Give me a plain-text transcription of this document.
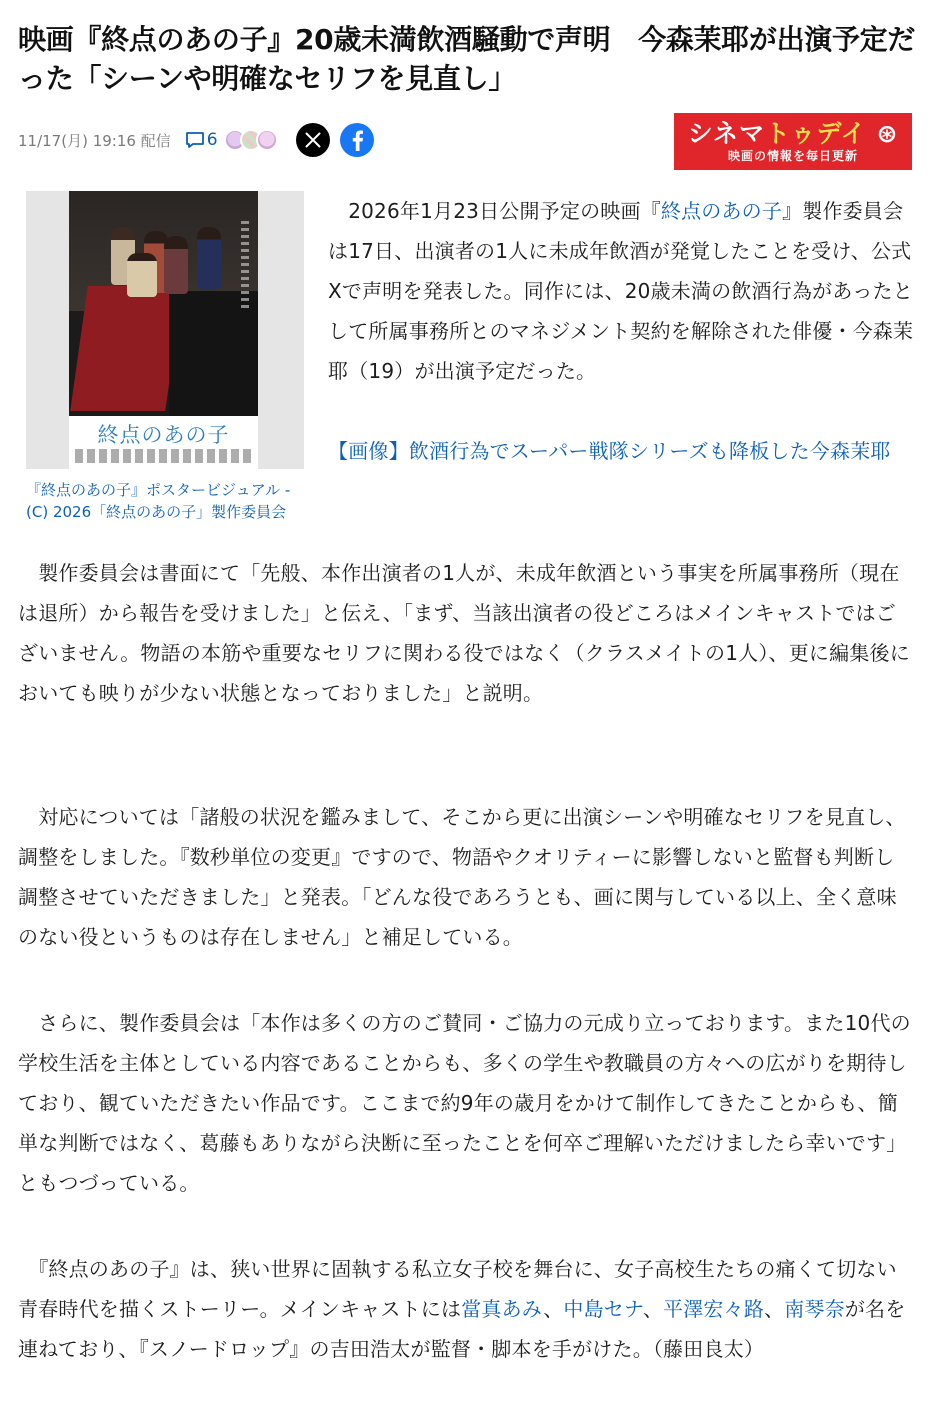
映画『終点のあの子』20歳未満飲酒騒動で声明　今森茉耶が出演予定だった「シーンや明確なセリフを見直し」
11/17(月) 19:16 配信 6	シネマトゥデイ ⊛
映画の情報を毎日更新
終点のあの子

『終点のあの子』ポスタービジュアル - (C) 2026「終点のあの子」製作委員会

　2026年1月23日公開予定の映画『終点のあの子』製作委員会は17日、出演者の1人に未成年飲酒が発覚したことを受け、公式Xで声明を発表した。同作には、20歳未満の飲酒行為があったとして所属事務所とのマネジメント契約を解除された俳優・今森茉耶（19）が出演予定だった。

【画像】飲酒行為でスーパー戦隊シリーズも降板した今森茉耶

　製作委員会は書面にて「先般、本作出演者の1人が、未成年飲酒という事実を所属事務所（現在は退所）から報告を受けました」と伝え、「まず、当該出演者の役どころはメインキャストではございません。物語の本筋や重要なセリフに関わる役ではなく（クラスメイトの1人）、更に編集後においても映りが少ない状態となっておりました」と説明。

　対応については「諸般の状況を鑑みまして、そこから更に出演シーンや明確なセリフを見直し、調整をしました。『数秒単位の変更』ですので、物語やクオリティーに影響しないと監督も判断し調整させていただきました」と発表。「どんな役であろうとも、画に関与している以上、全く意味のない役というものは存在しません」と補足している。

　さらに、製作委員会は「本作は多くの方のご賛同・ご協力の元成り立っております。また10代の学校生活を主体としている内容であることからも、多くの学生や教職員の方々への広がりを期待しており、観ていただきたい作品です。ここまで約9年の歳月をかけて制作してきたことからも、簡単な判断ではなく、葛藤もありながら決断に至ったことを何卒ご理解いただけましたら幸いです」ともつづっている。

　『終点のあの子』は、狭い世界に固執する私立女子校を舞台に、女子高校生たちの痛くて切ない青春時代を描くストーリー。メインキャストには當真あみ、中島セナ、平澤宏々路、南琴奈が名を連ねており、『スノードロップ』の吉田浩太が監督・脚本を手がけた。（藤田良太）
